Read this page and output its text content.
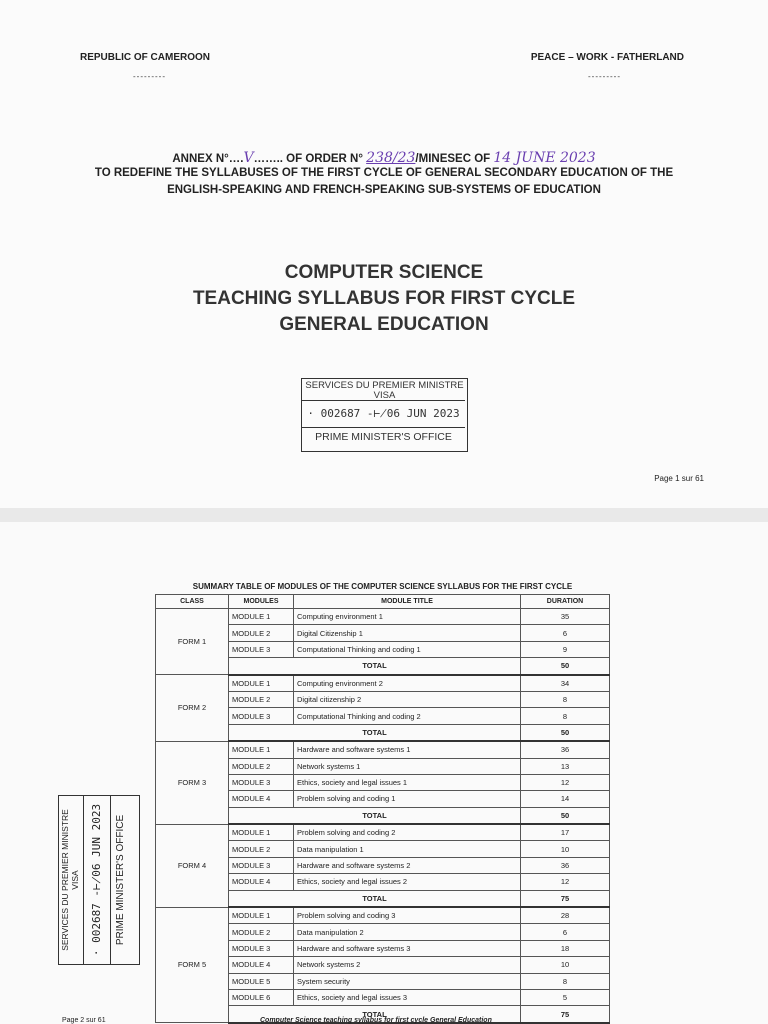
REPUBLIC OF CAMEROON	PEACE – WORK - FATHERLAND
---------	---------
ANNEX N°….V…….. OF ORDER N° 238/23/MINESEC OF 14 JUNE 2023
TO REDEFINE THE SYLLABUSES OF THE FIRST CYCLE OF GENERAL SECONDARY EDUCATION OF THE
ENGLISH-SPEAKING AND FRENCH-SPEAKING SUB-SYSTEMS OF EDUCATION
COMPUTER SCIENCE
TEACHING SYLLABUS FOR FIRST CYCLE
GENERAL EDUCATION
SERVICES DU PREMIER MINISTRE
VISA
· 002687 -⊬06 JUN 2023
PRIME MINISTER'S OFFICE
Page 1 sur 61
SUMMARY TABLE OF MODULES OF THE COMPUTER SCIENCE SYLLABUS FOR THE FIRST CYCLE
CLASS	MODULES	MODULE TITLE	DURATION
FORM 1	MODULE 1	Computing environment 1	35
	MODULE 2	Digital Citizenship 1	6
	MODULE 3	Computational Thinking and coding 1	9
	TOTAL		50
FORM 2	MODULE 1	Computing environment 2	34
	MODULE 2	Digital citizenship 2	8
	MODULE 3	Computational Thinking and coding 2	8
	TOTAL		50
FORM 3	MODULE 1	Hardware and software systems 1	36
	MODULE 2	Network systems 1	13
	MODULE 3	Ethics, society and legal issues 1	12
	MODULE 4	Problem solving and coding 1	14
	TOTAL		50
FORM 4	MODULE 1	Problem solving and coding 2	17
	MODULE 2	Data manipulation 1	10
	MODULE 3	Hardware and software systems 2	36
	MODULE 4	Ethics, society and legal issues 2	12
	TOTAL		75
FORM 5	MODULE 1	Problem solving and coding 3	28
	MODULE 2	Data manipulation 2	6
	MODULE 3	Hardware and software systems 3	18
	MODULE 4	Network systems 2	10
	MODULE 5	System security	8
	MODULE 6	Ethics, society and legal issues 3	5
	TOTAL		75
SERVICES DU PREMIER MINISTRE VISA · 002687 -⊬06 JUN 2023	PRIME MINISTER'S OFFICE
Page 2 sur 61	Computer Science teaching syllabus for first cycle General Education
